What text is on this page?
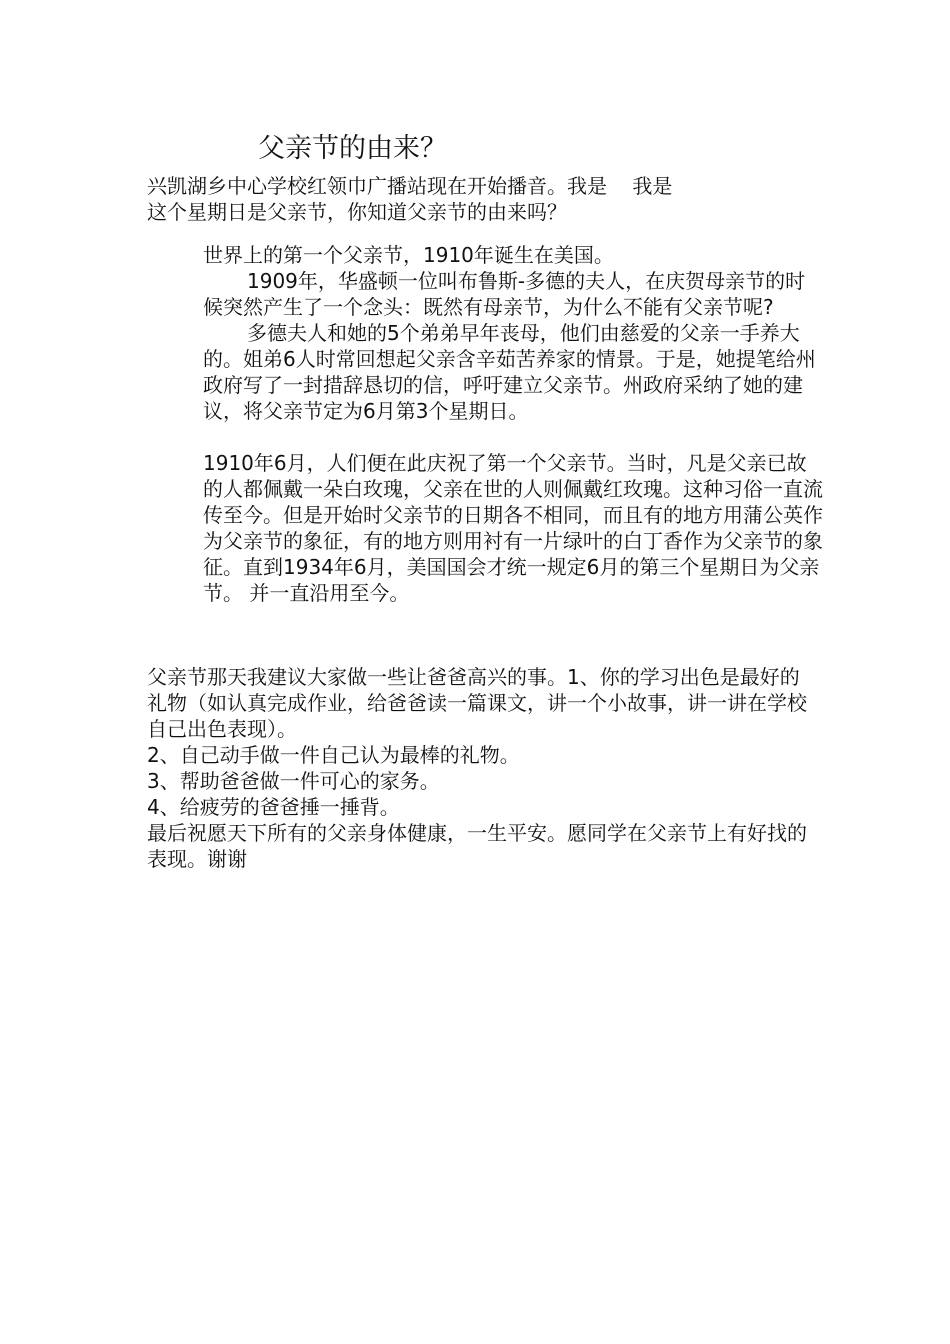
父亲节的由来？
兴凯湖乡中心学校红领巾广播站现在开始播音。我是    我是
这个星期日是父亲节，你知道父亲节的由来吗？

世界上的第一个父亲节，1910年诞生在美国。

1909年，华盛顿一位叫布鲁斯-多德的夫人，在庆贺母亲节的时候突然产生了一个念头：既然有母亲节，为什么不能有父亲节呢?

多德夫人和她的5个弟弟早年丧母，他们由慈爱的父亲一手养大的。姐弟6人时常回想起父亲含辛茹苦养家的情景。于是，她提笔给州政府写了一封措辞恳切的信，呼吁建立父亲节。州政府采纳了她的建议，将父亲节定为6月第3个星期日。

1910年6月，人们便在此庆祝了第一个父亲节。当时，凡是父亲已故的人都佩戴一朵白玫瑰，父亲在世的人则佩戴红玫瑰。这种习俗一直流传至今。但是开始时父亲节的日期各不相同，而且有的地方用蒲公英作为父亲节的象征，有的地方则用衬有一片绿叶的白丁香作为父亲节的象征。直到1934年6月，美国国会才统一规定6月的第三个星期日为父亲节。 并一直沿用至今。

父亲节那天我建议大家做一些让爸爸高兴的事。1、你的学习出色是最好的礼物（如认真完成作业，给爸爸读一篇课文，讲一个小故事，讲一讲在学校自己出色表现）。

2、自己动手做一件自己认为最棒的礼物。

3、帮助爸爸做一件可心的家务。

4、给疲劳的爸爸捶一捶背。

最后祝愿天下所有的父亲身体健康，一生平安。愿同学在父亲节上有好找的表现。谢谢
